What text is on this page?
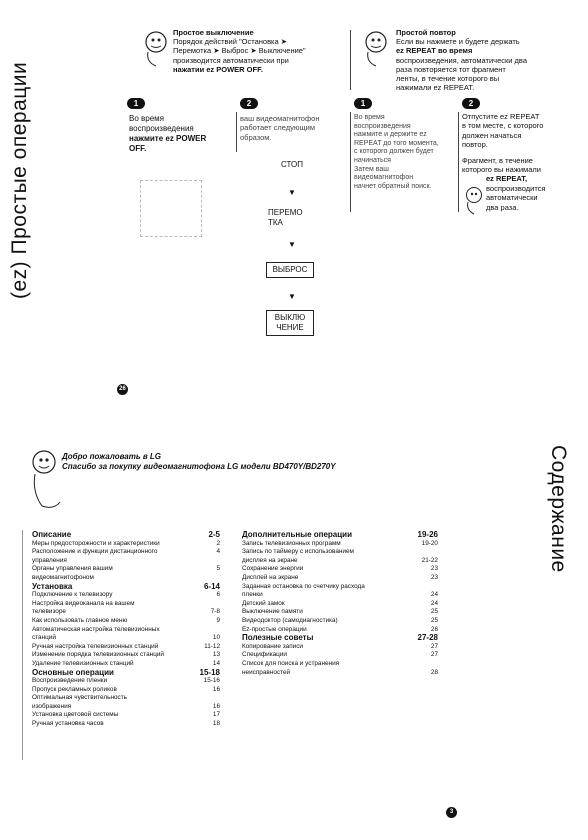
(ez) Простые операции
Простое выключение
Порядок действий "Остановка ➤
Перемотка ➤ Выброс ➤ Выключение"
производится автоматически при
нажатии ez POWER OFF.
Простой повтор
Если вы нажмете и будете держать
ez REPEAT во время
воспроизведения, автоматически два
раза повторяется тот фрагмент
ленты, в течение которого вы
нажимали ez REPEAT.
1	2	1	2
Во время
воспроизведения
нажмите ez POWER
OFF.
ваш видеомагнитофон
работает следующим
образом.
СТОП
▼
ПЕРЕМО ТКА
▼
ВЫБРОС
▼
ВЫКЛЮ ЧЕНИЕ
Во время
воспроизведения
нажмите и держите ez
REPEAT до того момента,
с которого должен будет
начинаться
Затем ваш
видеомагнитофон
начнет обратный поиск.
Отпустите ez REPEAT
в том месте, с которого
должен начаться
повтор.
Фрагмент, в течение
которого вы нажимали
ez REPEAT,
воспроизводится
автоматически
два раза.
26
Содержание
Добро пожаловать в LG
Спасибо за покупку видеомагнитофона LG модели BD470Y/BD270Y
Описание	2-5
Меры предосторожности и характеристики	2
Расположение и функции дистанционного	4
управления
Органы управления вашим	5
видеомагнитофоном
Установка	6-14
Подключение к телевизору	6
Настройка видеоканала на вашем
телевизоре	7-8
Как использовать главное меню	9
Автоматическая настройка телевизионных
станций	10
Ручная настройка телевизионных станций	11-12
Изменение порядка телевизионных станций	13
Удаление телевизионных станций	14
Основные операции	15-18
Воспроизведение пленки	15-16
Пропуск рекламных роликов	16
Оптимальная чувствительность
изображения	16
Установка цветовой системы	17
Ручная установка часов	18
Дополнительные операции	19-26
Запись телевизионных программ	19-20
Запись по таймеру с использованием
дисплея на экране	21-22
Сохранение энергии	23
Дисплей на экране	23
Заданная остановка по счетчику расхода
пленки	24
Детский замок	24
Выключение памяти	25
Видеодоктор (самодиагностика)	25
Ez-простые операции	26
Полезные советы	27-28
Копирование записи	27
Спецификации	27
Список для поиска и устранения
неисправностей	28
3
